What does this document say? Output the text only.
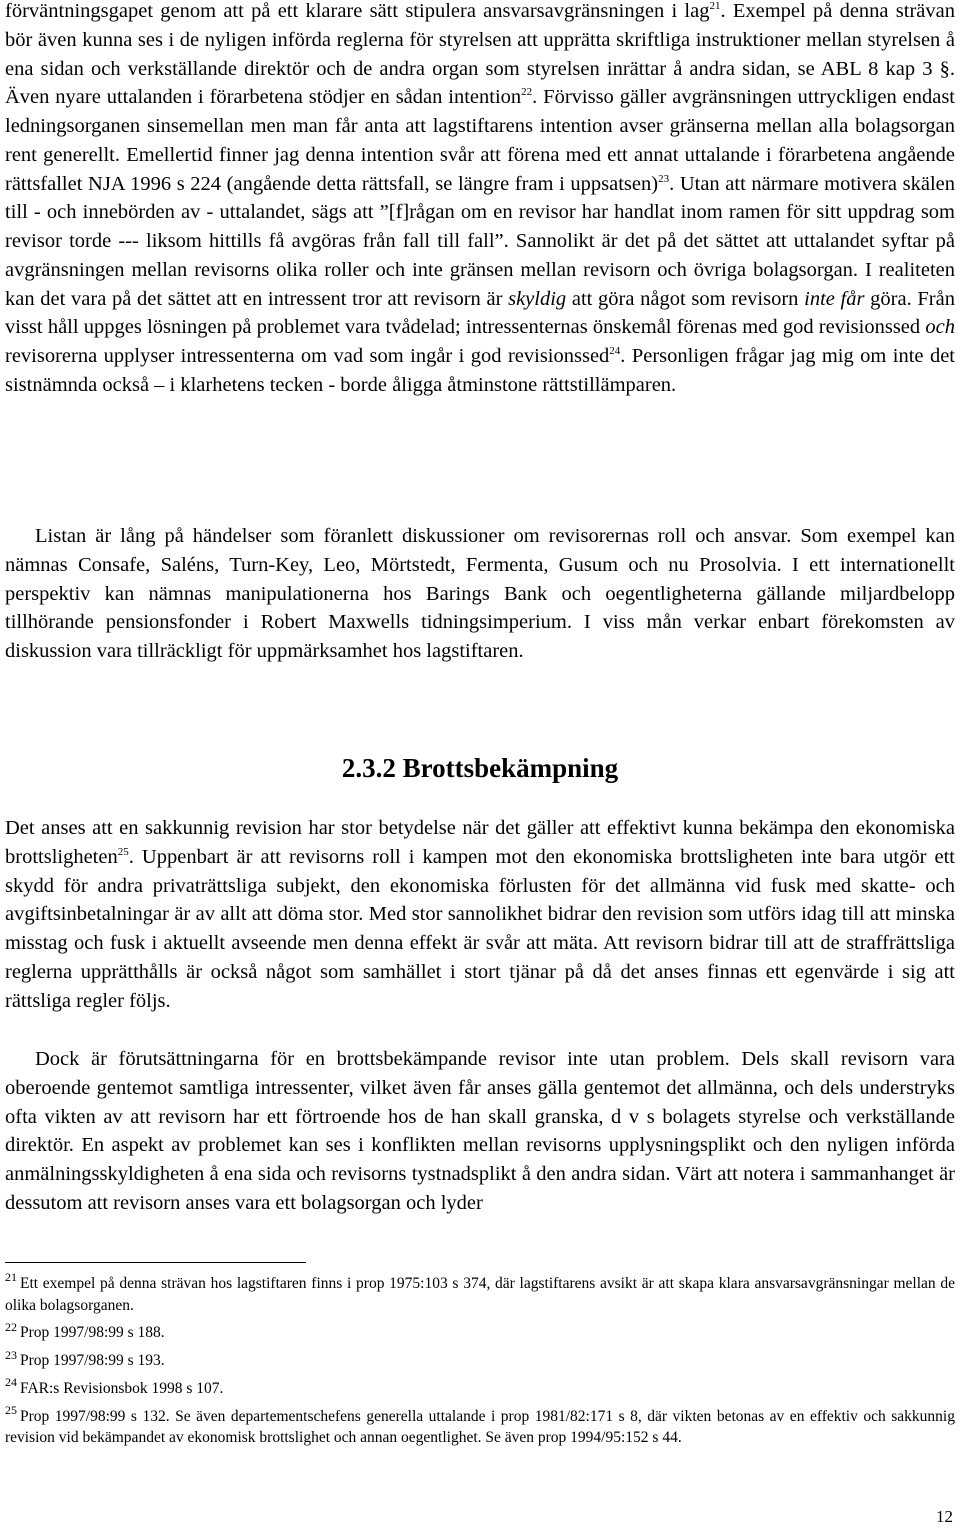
förväntningsgapet genom att på ett klarare sätt stipulera ansvarsavgränsningen i lag$^{21}$. Exempel på denna strävan bör även kunna ses i de nyligen införda reglerna för styrelsen att upprätta skriftliga instruktioner mellan styrelsen å ena sidan och verkställande direktör och de andra organ som styrelsen inrättar å andra sidan, se ABL 8 kap 3 §. Även nyare uttalanden i förarbetena stödjer en sådan intention$^{22}$. Förvisso gäller avgränsningen uttryckligen endast ledningsorganen sinsemellan men man får anta att lagstiftarens intention avser gränserna mellan alla bolagsorgan rent generellt. Emellertid finner jag denna intention svår att förena med ett annat uttalande i förarbetena angående rättsfallet NJA 1996 s 224 (angående detta rättsfall, se längre fram i uppsatsen)$^{23}$. Utan att närmare motivera skälen till - och innebörden av - uttalandet, sägs att ”[f]rågan om en revisor har handlat inom ramen för sitt uppdrag som revisor torde --- liksom hittills få avgöras från fall till fall”. Sannolikt är det på det sättet att uttalandet syftar på avgränsningen mellan revisorns olika roller och inte gränsen mellan revisorn och övriga bolagsorgan. I realiteten kan det vara på det sättet att en intressent tror att revisorn är skyldig att göra något som revisorn inte får göra. Från visst håll uppges lösningen på problemet vara tvådelad; intressenternas önskemål förenas med god revisionssed och revisorerna upplyser intressenterna om vad som ingår i god revisionssed$^{24}$. Personligen frågar jag mig om inte det sistnämnda också – i klarhetens tecken - borde åligga åtminstone rättstillämparen.

Listan är lång på händelser som föranlett diskussioner om revisorernas roll och ansvar. Som exempel kan nämnas Consafe, Saléns, Turn-Key, Leo, Mörtstedt, Fermenta, Gusum och nu Prosolvia. I ett internationellt perspektiv kan nämnas manipulationerna hos Barings Bank och oegentligheterna gällande miljardbelopp tillhörande pensionsfonder i Robert Maxwells tidningsimperium. I viss mån verkar enbart förekomsten av diskussion vara tillräckligt för uppmärksamhet hos lagstiftaren.

2.3.2 Brottsbekämpning

Det anses att en sakkunnig revision har stor betydelse när det gäller att effektivt kunna bekämpa den ekonomiska brottsligheten$^{25}$. Uppenbart är att revisorns roll i kampen mot den ekonomiska brottsligheten inte bara utgör ett skydd för andra privaträttsliga subjekt, den ekonomiska förlusten för det allmänna vid fusk med skatte- och avgiftsinbetalningar är av allt att döma stor. Med stor sannolikhet bidrar den revision som utförs idag till att minska misstag och fusk i aktuellt avseende men denna effekt är svår att mäta. Att revisorn bidrar till att de straffrättsliga reglerna upprätthålls är också något som samhället i stort tjänar på då det anses finnas ett egenvärde i sig att rättsliga regler följs.

Dock är förutsättningarna för en brottsbekämpande revisor inte utan problem. Dels skall revisorn vara oberoende gentemot samtliga intressenter, vilket även får anses gälla gentemot det allmänna, och dels understryks ofta vikten av att revisorn har ett förtroende hos de han skall granska, d v s bolagets styrelse och verkställande direktör. En aspekt av problemet kan ses i konflikten mellan revisorns upplysningsplikt och den nyligen införda anmälningsskyldigheten å ena sida och revisorns tystnadsplikt å den andra sidan. Värt att notera i sammanhanget är dessutom att revisorn anses vara ett bolagsorgan och lyder

$^{21}$ Ett exempel på denna strävan hos lagstiftaren finns i prop 1975:103 s 374, där lagstiftarens avsikt är att skapa klara ansvarsavgränsningar mellan de olika bolagsorganen.

$^{22}$ Prop 1997/98:99 s 188.

$^{23}$ Prop 1997/98:99 s 193.

$^{24}$ FAR:s Revisionsbok 1998 s 107.

$^{25}$ Prop 1997/98:99 s 132. Se även departementschefens generella uttalande i prop 1981/82:171 s 8, där vikten betonas av en effektiv och sakkunnig revision vid bekämpandet av ekonomisk brottslighet och annan oegentlighet. Se även prop 1994/95:152 s 44.

12
